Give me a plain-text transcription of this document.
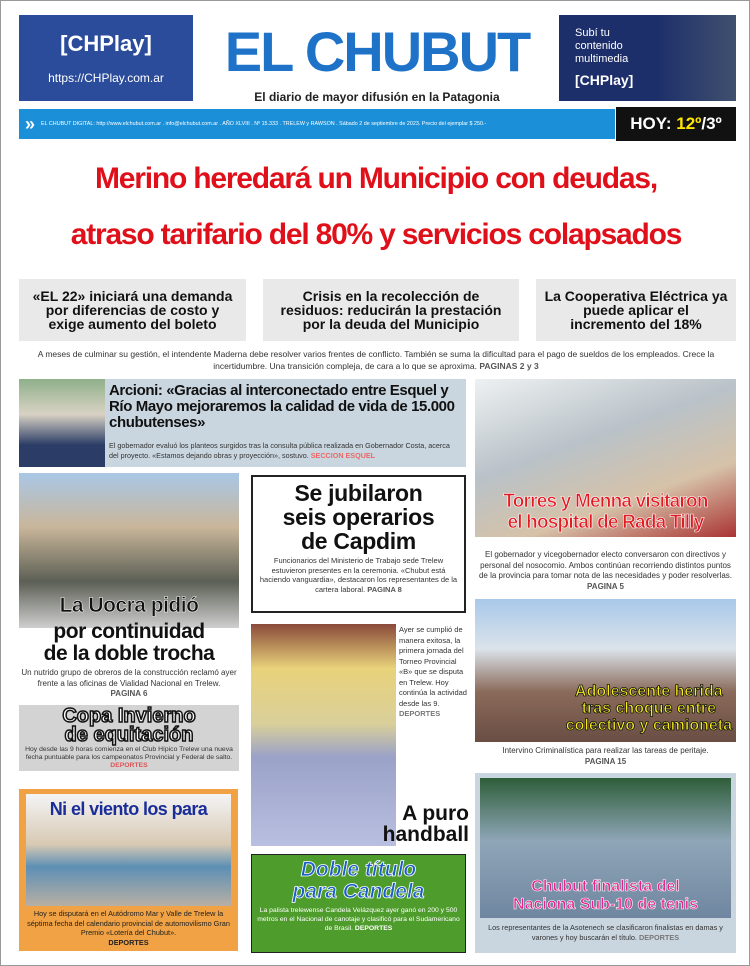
[CHPlay]
https://CHPlay.com.ar	EL CHUBUT
El diario de mayor difusión en la Patagonia
Subí tu
contenido
multimedia
[CHPlay]
» EL CHUBUT DIGITAL: http://www.elchubut.com.ar . info@elchubut.com.ar . AÑO XLVIII . Nº 15.333 . TRELEW y RAWSON . Sábado 2 de septiembre de 2023. Precio del ejemplar $ 250.-	HOY:
12º /3º
Merino heredará un Municipio con deudas,
atraso tarifario del 80% y servicios colapsados
«EL 22» iniciará una demanda por diferencias de costo y exige aumento del boleto
Crisis en la recolección de residuos: reducirán la prestación por la deuda del Municipio
La Cooperativa Eléctrica ya puede aplicar el incremento del 18%
A meses de culminar su gestión, el intendente Maderna debe resolver varios frentes de conflicto. También se suma la dificultad para el pago de sueldos de los empleados. Crece la incertidumbre. Una transición compleja, de cara a lo que se aproxima. PAGINAS 2 y 3
Arcioni: «Gracias al interconectado entre Esquel y Río Mayo mejoraremos la calidad de vida de 15.000 chubutenses»
El gobernador evaluó los planteos surgidos tras la consulta pública realizada en Gobernador Costa, acerca del proyecto. «Estamos dejando obras y proyección», sostuvo. SECCION ESQUEL
Torres y Menna visitaron
el hospital de Rada Tilly
El gobernador y vicegobernador electo conversaron con directivos y personal del nosocomio. Ambos continúan recorriendo distintos puntos de la provincia para tomar nota de las necesidades y poder resolverlas. PAGINA 5
La Uocra pidió
por continuidad
de la doble trocha
Un nutrido grupo de obreros de la construcción reclamó ayer frente a las oficinas de Vialidad Nacional en Trelew.
PAGINA 6
Copa Invierno
de equitación
Hoy desde las 9 horas comienza en el Club Hípico Trelew una nueva fecha puntuable para los campeonatos Provincial y Federal de salto. DEPORTES
Ni el viento los para
Hoy se disputará en el Autódromo Mar y Valle de Trelew la séptima fecha del calendario provincial de automovilismo Gran Premio «Lotería del Chubut».
DEPORTES
Se jubilaron
seis operarios
de Capdim
Funcionarios del Ministerio de Trabajo sede Trelew estuvieron presentes en la ceremonia. «Chubut está haciendo vanguardia», destacaron los representantes de la cartera laboral. PAGINA 8
Ayer se cumplió de manera exitosa, la primera jornada del Torneo Provincial «B» que se disputa en Trelew. Hoy continúa la actividad desde las 9.
DEPORTES
A puro
handball
Doble título
para Candela
La palista trelewense Candela Velázquez ayer ganó en 200 y 500 metros en el Nacional de canotaje y clasificó para el Sudamericano de Brasil. DEPORTES
Adolescente herida
tras choque entre
colectivo y camioneta
Intervino Criminalística para realizar las tareas de peritaje.
PAGINA 15
Chubut finalista del
Naciona Sub-10 de tenis
Los representantes de la Asotenech se clasificaron finalistas en damas y varones y hoy buscarán el título. DEPORTES
